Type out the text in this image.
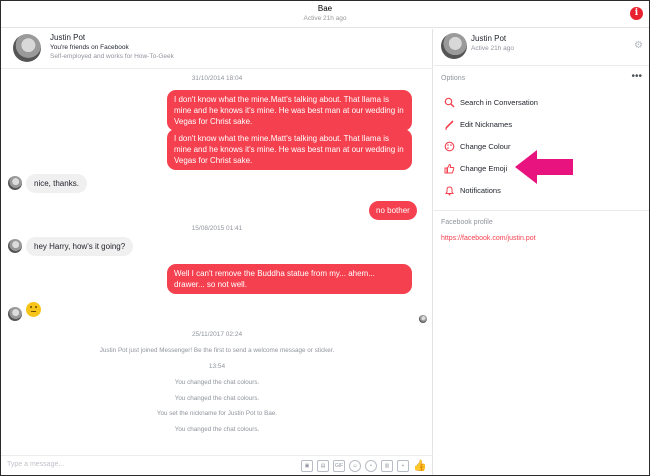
Bae
Active 21h ago
i
Justin Pot
You're friends on Facebook
Self-employed and works for How-To-Geek
31/10/2014 18:04
I don't know what the mine.Matt's talking about. That llama is mine and he knows it's mine. He was best man at our wedding in Vegas for Christ sake.
I don't know what the mine.Matt's talking about. That llama is mine and he knows it's mine. He was best man at our wedding in Vegas for Christ sake.
nice, thanks.
no bother
15/08/2015 01:41
hey Harry, how's it going?
Well I can't remove the Buddha statue from my... ahem... drawer... so not well.
25/11/2017 02:24
Justin Pot just joined Messenger! Be the first to send a welcome message or sticker.
13:54
You changed the chat colours.
You changed the chat colours.
You set the nickname for Justin Pot to Bae.
You changed the chat colours.
Type a message...	▣	▤	GIF	☺	•	▥	+ 👍
Justin Pot
Active 21h ago	⚙
Options	•••
Search in Conversation
Edit Nicknames
Change Colour
Change Emoji
Notifications
Facebook profile
https://facebook.com/justin.pot
